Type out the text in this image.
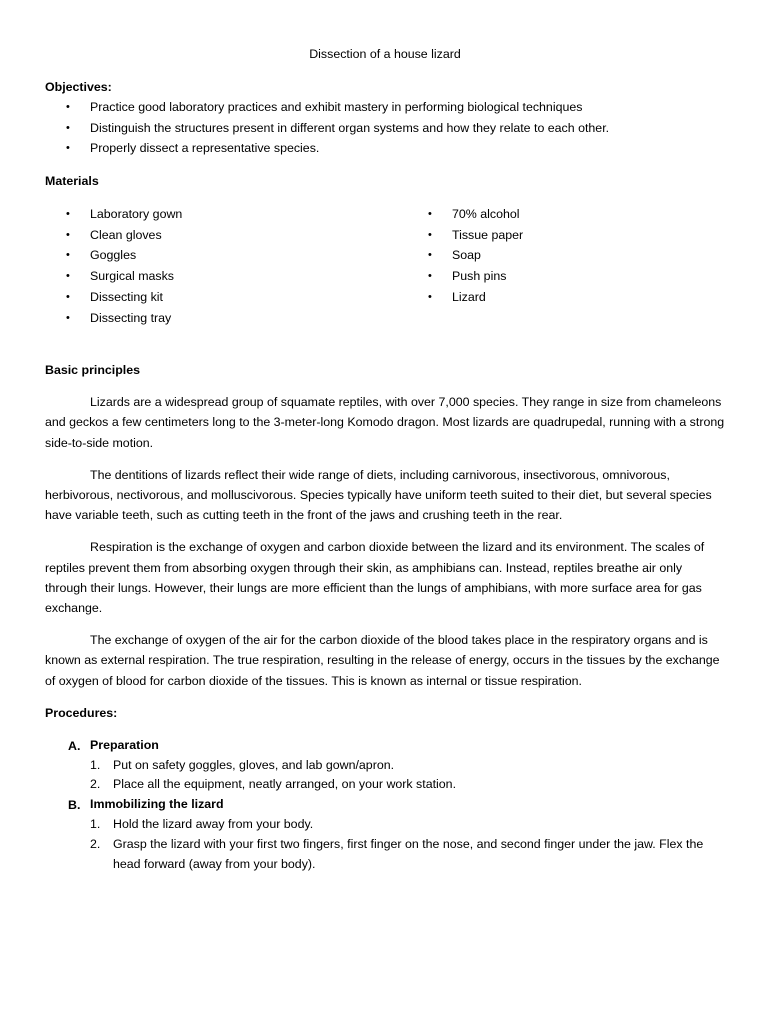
Dissection of a house lizard
Objectives:
• Practice good laboratory practices and exhibit mastery in performing biological techniques
• Distinguish the structures present in different organ systems and how they relate to each other.
• Properly dissect a representative species.
Materials
• Laboratory gown
• Clean gloves
• Goggles
• Surgical masks
• Dissecting kit
• Dissecting tray
• 70% alcohol
• Tissue paper
• Soap
• Push pins
• Lizard
Basic principles

Lizards are a widespread group of squamate reptiles, with over 7,000 species. They range in size from chameleons and geckos a few centimeters long to the 3-meter-long Komodo dragon. Most lizards are quadrupedal, running with a strong side-to-side motion.

The dentitions of lizards reflect their wide range of diets, including carnivorous, insectivorous, omnivorous, herbivorous, nectivorous, and molluscivorous. Species typically have uniform teeth suited to their diet, but several species have variable teeth, such as cutting teeth in the front of the jaws and crushing teeth in the rear.

Respiration is the exchange of oxygen and carbon dioxide between the lizard and its environment. The scales of reptiles prevent them from absorbing oxygen through their skin, as amphibians can. Instead, reptiles breathe air only through their lungs. However, their lungs are more efficient than the lungs of amphibians, with more surface area for gas exchange.

The exchange of oxygen of the air for the carbon dioxide of the blood takes place in the respiratory organs and is known as external respiration. The true respiration, resulting in the release of energy, occurs in the tissues by the exchange of oxygen of blood for carbon dioxide of the tissues. This is known as internal or tissue respiration.

Procedures:
A. Preparation
1. Put on safety goggles, gloves, and lab gown/apron.
2. Place all the equipment, neatly arranged, on your work station.
B. Immobilizing the lizard
1. Hold the lizard away from your body.
2. Grasp the lizard with your first two fingers, first finger on the nose, and second finger under the jaw. Flex the head forward (away from your body).
